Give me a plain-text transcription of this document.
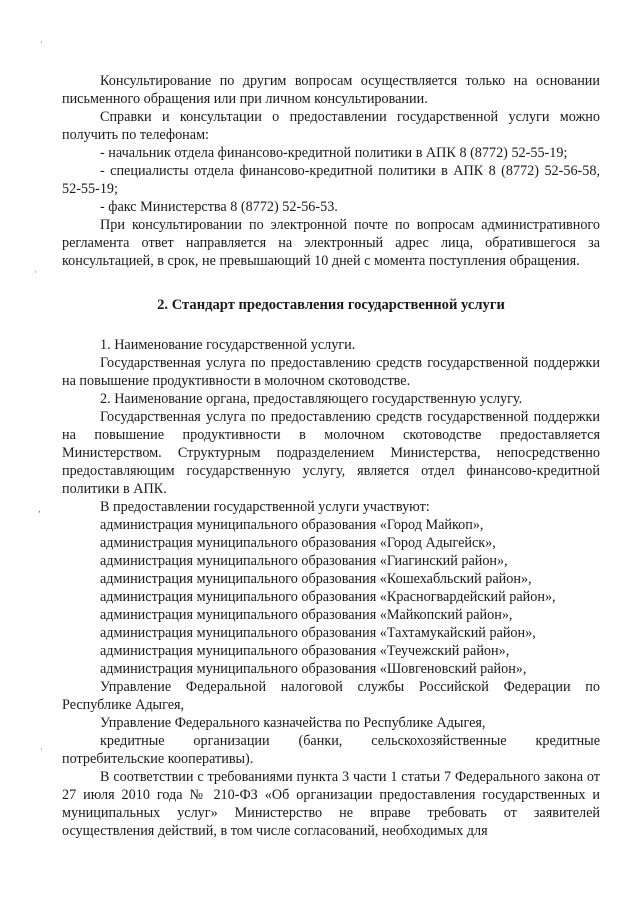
Консультирование по другим вопросам осуществляется только на основании письменного обращения или при личном консультировании.

Справки и консультации о предоставлении государственной услуги можно получить по телефонам:

- начальник отдела финансово-кредитной политики в АПК 8 (8772) 52-55-19;

- специалисты отдела финансово-кредитной политики в АПК 8 (8772) 52-56-58, 52-55-19;

- факс Министерства 8 (8772) 52-56-53.

При консультировании по электронной почте по вопросам административного регламента ответ направляется на электронный адрес лица, обратившегося за консультацией, в срок, не превышающий 10 дней с момента поступления обращения.

2. Стандарт предоставления государственной услуги

1. Наименование государственной услуги.

Государственная услуга по предоставлению средств государственной поддержки на повышение продуктивности в молочном скотоводстве.

2. Наименование органа, предоставляющего государственную услугу.

Государственная услуга по предоставлению средств государственной поддержки на повышение продуктивности в молочном скотоводстве предоставляется Министерством. Структурным подразделением Министерства, непосредственно предоставляющим государственную услугу, является отдел финансово-кредитной политики в АПК.

В предоставлении государственной услуги участвуют:

администрация муниципального образования «Город Майкоп»,

администрация муниципального образования «Город Адыгейск»,

администрация муниципального образования «Гиагинский район»,

администрация муниципального образования «Кошехабльский район»,

администрация муниципального образования «Красногвардейский район»,

администрация муниципального образования «Майкопский район»,

администрация муниципального образования «Тахтамукайский район»,

администрация муниципального образования «Теучежский район»,

администрация муниципального образования «Шовгеновский район»,

Управление Федеральной налоговой службы Российской Федерации по Республике Адыгея,

Управление Федерального казначейства по Республике Адыгея,

кредитные организации (банки, сельскохозяйственные кредитные потребительские кооперативы).

В соответствии с требованиями пункта 3 части 1 статьи 7 Федерального закона от 27 июля 2010 года № 210-ФЗ «Об организации предоставления государственных и муниципальных услуг» Министерство не вправе требовать от заявителей осуществления действий, в том числе согласований, необходимых для

·
·
,
·
